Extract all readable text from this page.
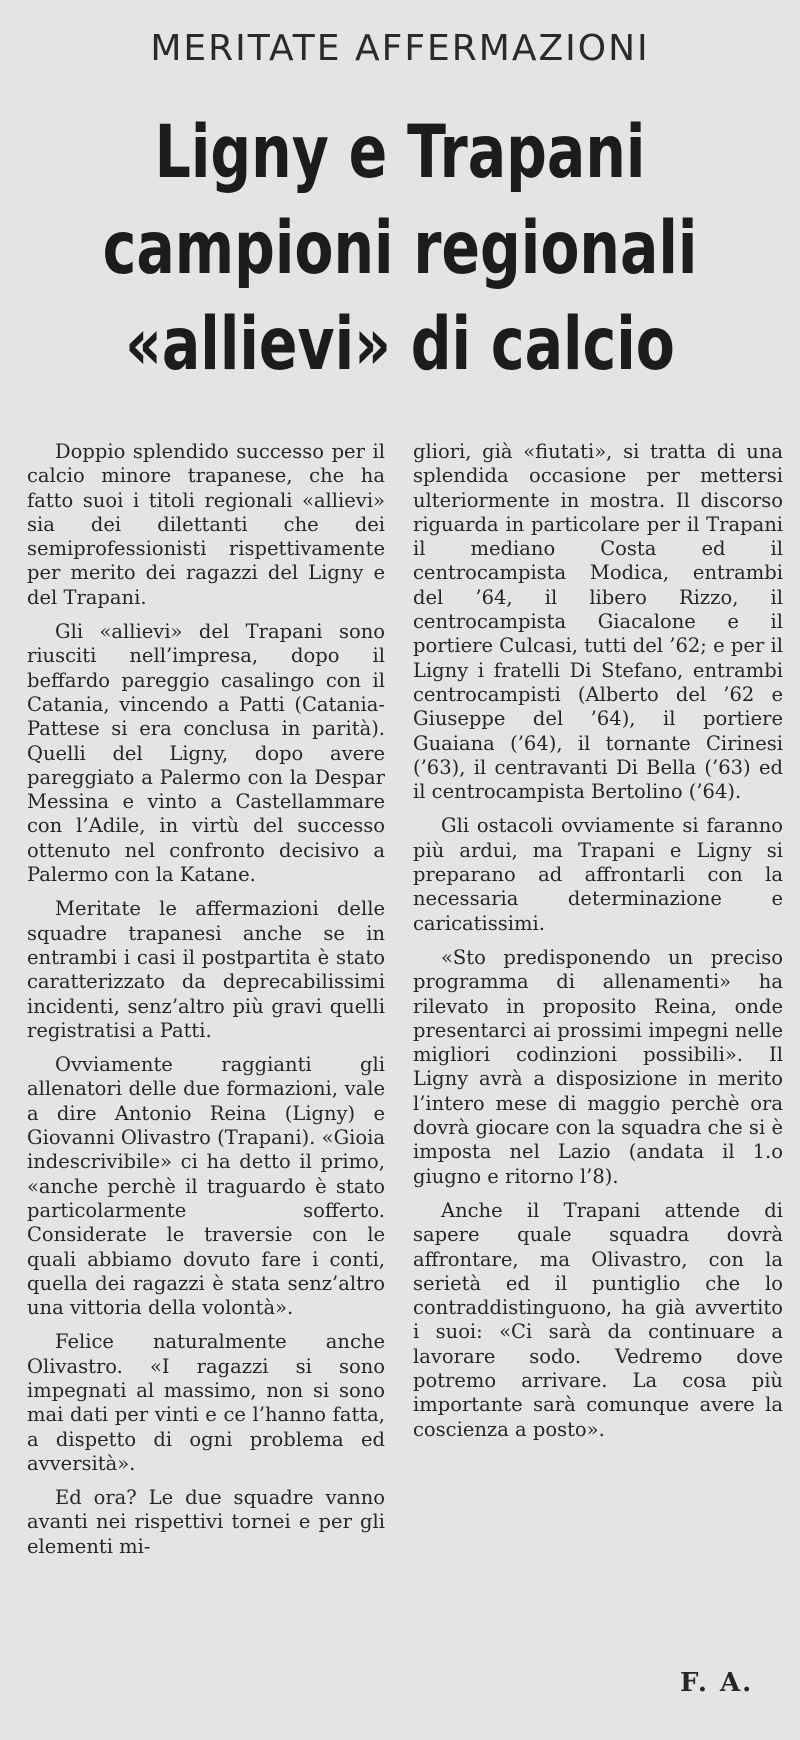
MERITATE AFFERMAZIONI
Ligny e Trapani
campioni regionali
«allievi» di calcio

Doppio splendido successo per il calcio minore trapanese, che ha fatto suoi i titoli regionali «allievi» sia dei dilettanti che dei semiprofessionisti rispettivamente per merito dei ragazzi del Ligny e del Trapani.

Gli «allievi» del Trapani sono riusciti nell’impresa, dopo il beffardo pareggio casalingo con il Catania, vincendo a Patti (Catania-Pattese si era conclusa in parità). Quelli del Ligny, dopo avere pareggiato a Palermo con la Despar Messina e vinto a Castellammare con l’Adile, in virtù del successo ottenuto nel confronto decisivo a Palermo con la Katane.

Meritate le affermazioni delle squadre trapanesi anche se in entrambi i casi il postpartita è stato caratterizzato da deprecabilissimi incidenti, senz’altro più gravi quelli registratisi a Patti.

Ovviamente raggianti gli allenatori delle due formazioni, vale a dire Antonio Reina (Ligny) e Giovanni Olivastro (Trapani). «Gioia indescrivibile» ci ha detto il primo, «anche perchè il traguardo è stato particolarmente sofferto. Considerate le traversie con le quali abbiamo dovuto fare i conti, quella dei ragazzi è stata senz’altro una vittoria della volontà».

Felice naturalmente anche Olivastro. «I ragazzi si sono impegnati al massimo, non si sono mai dati per vinti e ce l’hanno fatta, a dispetto di ogni problema ed avversità».

Ed ora? Le due squadre vanno avanti nei rispettivi tornei e per gli elementi mi-

gliori, già «fiutati», si tratta di una splendida occasione per mettersi ulteriormente in mostra. Il discorso riguarda in particolare per il Trapani il mediano Costa ed il centrocampista Modica, entrambi del ’64, il libero Rizzo, il centrocampista Giacalone e il portiere Culcasi, tutti del ’62; e per il Ligny i fratelli Di Stefano, entrambi centrocampisti (Alberto del ’62 e Giuseppe del ’64), il portiere Guaiana (’64), il tornante Cirinesi (’63), il centravanti Di Bella (’63) ed il centrocampista Bertolino (’64).

Gli ostacoli ovviamente si faranno più ardui, ma Trapani e Ligny si preparano ad affrontarli con la necessaria determinazione e caricatissimi.

«Sto predisponendo un preciso programma di allenamenti» ha rilevato in proposito Reina, onde presentarci ai prossimi impegni nelle migliori codinzioni possibili». Il Ligny avrà a disposizione in merito l’intero mese di maggio perchè ora dovrà giocare con la squadra che si è imposta nel Lazio (andata il 1.o giugno e ritorno l’8).

Anche il Trapani attende di sapere quale squadra dovrà affrontare, ma Olivastro, con la serietà ed il puntiglio che lo contraddistinguono, ha già avvertito i suoi: «Ci sarà da continuare a lavorare sodo. Vedremo dove potremo arrivare. La cosa più importante sarà comunque avere la coscienza a posto».

F. A.
